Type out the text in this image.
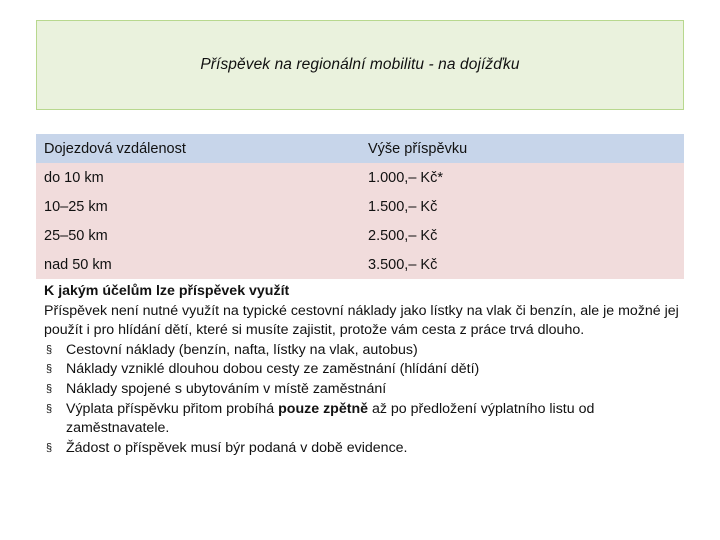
Příspěvek na regionální mobilitu - na dojížďku
Dojezdová vzdálenost	Výše příspěvku
do 10 km	1.000,– Kč*
10–25 km	1.500,– Kč
25–50 km	2.500,– Kč
nad 50 km	3.500,– Kč
K jakým účelům lze příspěvek využít

Příspěvek není nutné využít na typické cestovní náklady jako lístky na vlak či benzín, ale je možné jej použít i pro hlídání dětí, které si musíte zajistit, protože vám cesta z práce trvá dlouho.

§ Cestovní náklady (benzín, nafta, lístky na vlak, autobus)
§ Náklady vzniklé dlouhou dobou cesty ze zaměstnání (hlídání dětí)
§ Náklady spojené s ubytováním v místě zaměstnání
§ Výplata příspěvku přitom probíhá pouze zpětně až po předložení výplatního listu od zaměstnavatele.
§ Žádost o příspěvek musí býr podaná v době evidence.
